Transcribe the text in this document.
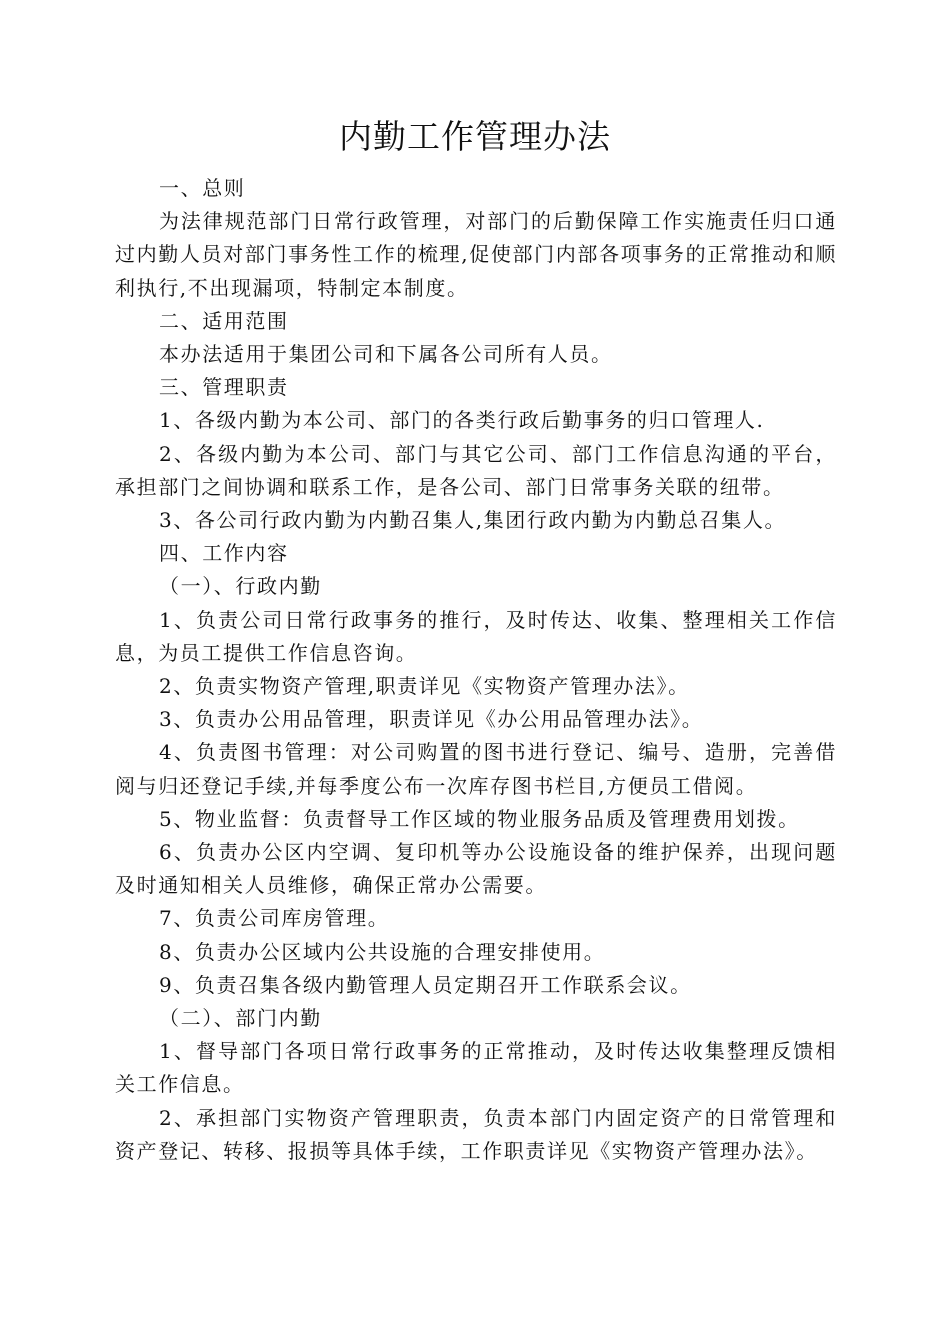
内勤工作管理办法

一、总则

为法律规范部门日常行政管理，对部门的后勤保障工作实施责任归口通过内勤人员对部门事务性工作的梳理,促使部门内部各项事务的正常推动和顺利执行,不出现漏项，特制定本制度。

二、适用范围

本办法适用于集团公司和下属各公司所有人员。

三、管理职责

1、各级内勤为本公司、部门的各类行政后勤事务的归口管理人.

2、各级内勤为本公司、部门与其它公司、部门工作信息沟通的平台，承担部门之间协调和联系工作，是各公司、部门日常事务关联的纽带。

3、各公司行政内勤为内勤召集人,集团行政内勤为内勤总召集人。

四、工作内容

（一）、行政内勤

1、负责公司日常行政事务的推行，及时传达、收集、整理相关工作信息，为员工提供工作信息咨询。

2、负责实物资产管理,职责详见《实物资产管理办法》。

3、负责办公用品管理，职责详见《办公用品管理办法》。

4、负责图书管理：对公司购置的图书进行登记、编号、造册，完善借阅与归还登记手续,并每季度公布一次库存图书栏目,方便员工借阅。

5、物业监督：负责督导工作区域的物业服务品质及管理费用划拨。

6、负责办公区内空调、复印机等办公设施设备的维护保养，出现问题及时通知相关人员维修，确保正常办公需要。

7、负责公司库房管理。

8、负责办公区域内公共设施的合理安排使用。

9、负责召集各级内勤管理人员定期召开工作联系会议。

（二）、部门内勤

1、督导部门各项日常行政事务的正常推动，及时传达收集整理反馈相关工作信息。

2、承担部门实物资产管理职责，负责本部门内固定资产的日常管理和资产登记、转移、报损等具体手续，工作职责详见《实物资产管理办法》。
